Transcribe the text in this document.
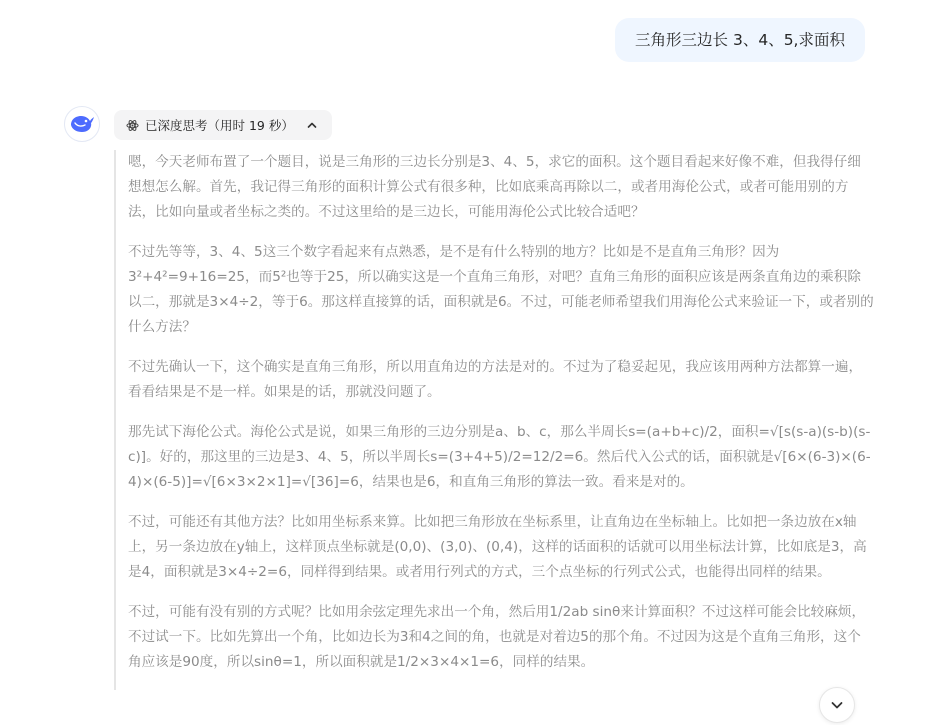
三角形三边长 3、4、5,求面积
已深度思考（用时 19 秒）

嗯，今天老师布置了一个题目，说是三角形的三边长分别是3、4、5，求它的面积。这个题目看起来好像不难，但我得仔细想想怎么解。首先，我记得三角形的面积计算公式有很多种，比如底乘高再除以二，或者用海伦公式，或者可能用别的方法，比如向量或者坐标之类的。不过这里给的是三边长，可能用海伦公式比较合适吧？

不过先等等，3、4、5这三个数字看起来有点熟悉，是不是有什么特别的地方？比如是不是直角三角形？因为3²+4²=9+16=25，而5²也等于25，所以确实这是一个直角三角形，对吧？直角三角形的面积应该是两条直角边的乘积除以二，那就是3×4÷2，等于6。那这样直接算的话，面积就是6。不过，可能老师希望我们用海伦公式来验证一下，或者别的什么方法？

不过先确认一下，这个确实是直角三角形，所以用直角边的方法是对的。不过为了稳妥起见，我应该用两种方法都算一遍，看看结果是不是一样。如果是的话，那就没问题了。

那先试下海伦公式。海伦公式是说，如果三角形的三边分别是a、b、c，那么半周长s=(a+b+c)/2，面积=√[s(s-a)(s-b)(s-c)]。好的，那这里的三边是3、4、5，所以半周长s=(3+4+5)/2=12/2=6。然后代入公式的话，面积就是√[6×(6-3)×(6-4)×(6-5)]=√[6×3×2×1]=√[36]=6，结果也是6，和直角三角形的算法一致。看来是对的。

不过，可能还有其他方法？比如用坐标系来算。比如把三角形放在坐标系里，让直角边在坐标轴上。比如把一条边放在x轴上，另一条边放在y轴上，这样顶点坐标就是(0,0)、(3,0)、(0,4)，这样的话面积的话就可以用坐标法计算，比如底是3，高是4，面积就是3×4÷2=6，同样得到结果。或者用行列式的方式，三个点坐标的行列式公式，也能得出同样的结果。

不过，可能有没有别的方式呢？比如用余弦定理先求出一个角，然后用1/2ab sinθ来计算面积？不过这样可能会比较麻烦，不过试一下。比如先算出一个角，比如边长为3和4之间的角，也就是对着边5的那个角。不过因为这是个直角三角形，这个角应该是90度，所以sinθ=1，所以面积就是1/2×3×4×1=6，同样的结果。
